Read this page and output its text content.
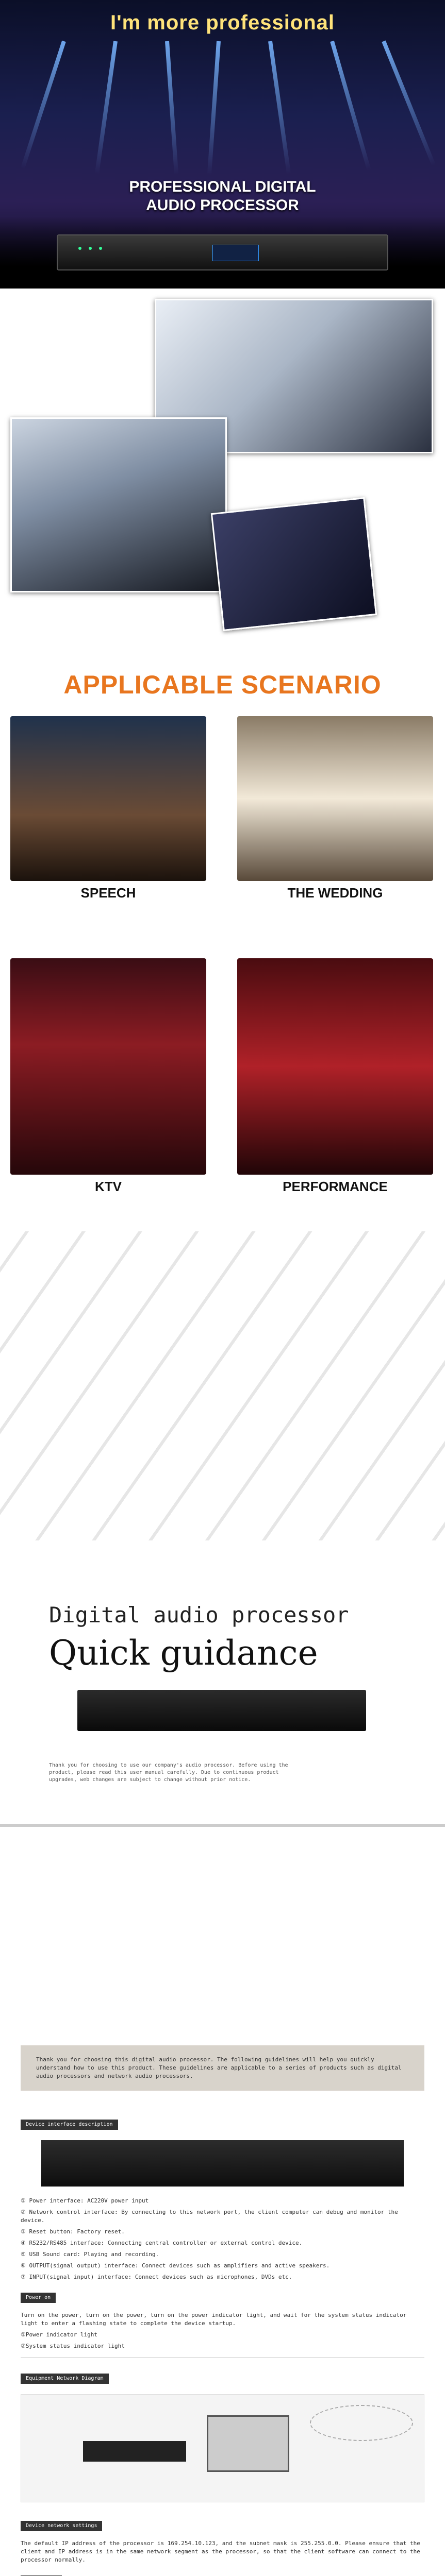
I'm more professional
PROFESSIONAL DIGITAL
AUDIO PROCESSOR
APPLICABLE SCENARIO
SPEECH	THE WEDDING
KTV	PERFORMANCE
Digital audio processor
Quick guidance
Thank you for choosing to use our company's audio processor. Before using the product, please read this user manual carefully. Due to continuous product upgrades, web changes are subject to change without prior notice.
Thank you for choosing this digital audio processor. The following guidelines will help you quickly understand how to use this product. These guidelines are applicable to a series of products such as digital audio processors and network audio processors.
Device interface description
① Power interface: AC220V power input
② Network control interface: By connecting to this network port, the client computer can debug and monitor the device.
③ Reset button: Factory reset.
④ RS232/RS485 interface: Connecting central controller or external control device.
⑤ USB Sound card: Playing and recording.
⑥ OUTPUT(signal output) interface: Connect devices such as amplifiers and active speakers.
⑦ INPUT(signal input) interface: Connect devices such as microphones, DVDs etc.
Power on
Turn on the power, turn on the power, turn on the power indicator light, and wait for the system status indicator light to enter a flashing state to complete the device startup.
①Power indicator light
②System status indicator light
Equipment Network Diagram
Device network settings
The default IP address of the processor is 169.254.10.123, and the subnet mask is 255.255.0.0. Please ensure that the client and IP address is in the same network segment as the processor, so that the client software can connect to the processor normally.
